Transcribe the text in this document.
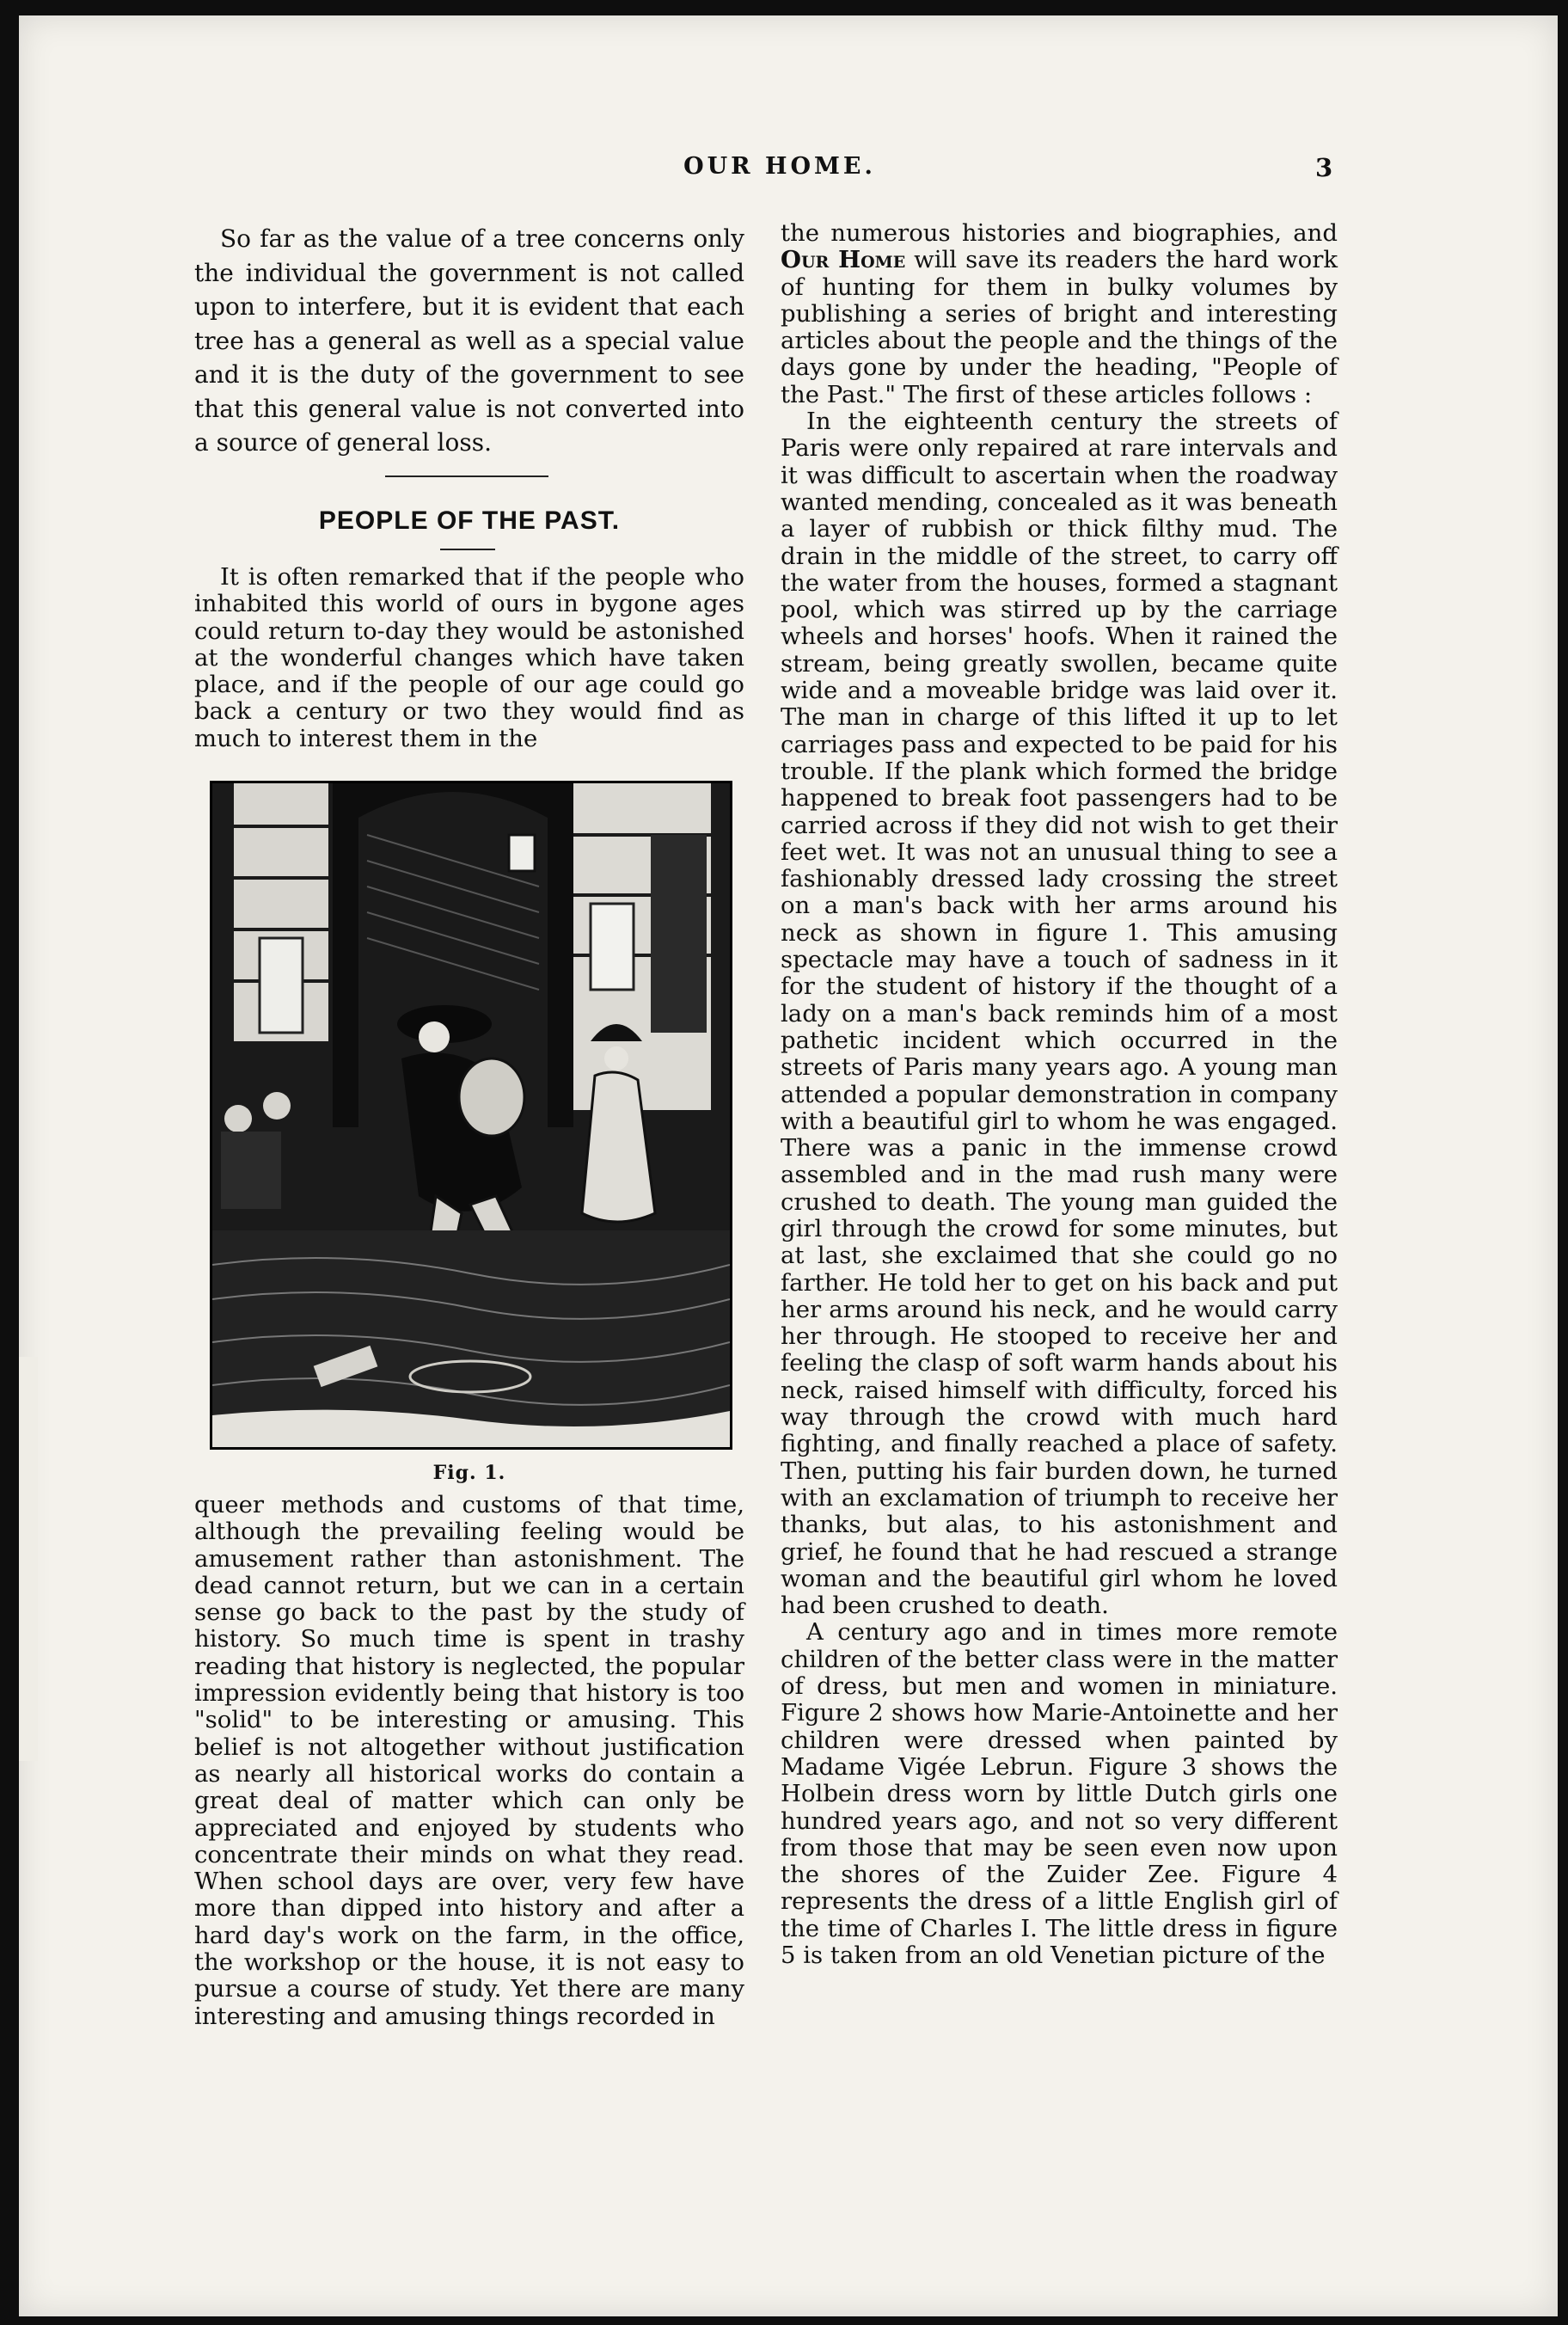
OUR HOME.	3

So far as the value of a tree concerns only the individual the government is not called upon to interfere, but it is evident that each tree has a general as well as a special value and it is the duty of the government to see that this general value is not converted into a source of general loss.

PEOPLE OF THE PAST.

It is often remarked that if the people who inhabited this world of ours in bygone ages could return to-day they would be astonished at the wonderful changes which have taken place, and if the people of our age could go back a century or two they would find as much to interest them in the

Fig. 1.

queer methods and customs of that time, although the prevailing feeling would be amusement rather than astonishment. The dead cannot return, but we can in a certain sense go back to the past by the study of history. So much time is spent in trashy reading that history is neglected, the popular impression evidently being that history is too "solid" to be interesting or amusing. This belief is not altogether without justification as nearly all historical works do contain a great deal of matter which can only be appreciated and enjoyed by students who concentrate their minds on what they read. When school days are over, very few have more than dipped into history and after a hard day's work on the farm, in the office, the workshop or the house, it is not easy to pursue a course of study. Yet there are many interesting and amusing things recorded in

the numerous histories and biographies, and Our Home will save its readers the hard work of hunting for them in bulky volumes by publishing a series of bright and interesting articles about the people and the things of the days gone by under the heading, "People of the Past." The first of these articles follows :

In the eighteenth century the streets of Paris were only repaired at rare intervals and it was difficult to ascertain when the roadway wanted mending, concealed as it was beneath a layer of rubbish or thick filthy mud. The drain in the middle of the street, to carry off the water from the houses, formed a stagnant pool, which was stirred up by the carriage wheels and horses' hoofs. When it rained the stream, being greatly swollen, became quite wide and a moveable bridge was laid over it. The man in charge of this lifted it up to let carriages pass and expected to be paid for his trouble. If the plank which formed the bridge happened to break foot passengers had to be carried across if they did not wish to get their feet wet. It was not an unusual thing to see a fashionably dressed lady crossing the street on a man's back with her arms around his neck as shown in figure 1. This amusing spectacle may have a touch of sadness in it for the student of history if the thought of a lady on a man's back reminds him of a most pathetic incident which occurred in the streets of Paris many years ago. A young man attended a popular demonstration in company with a beautiful girl to whom he was engaged. There was a panic in the immense crowd assembled and in the mad rush many were crushed to death. The young man guided the girl through the crowd for some minutes, but at last, she exclaimed that she could go no farther. He told her to get on his back and put her arms around his neck, and he would carry her through. He stooped to receive her and feeling the clasp of soft warm hands about his neck, raised himself with difficulty, forced his way through the crowd with much hard fighting, and finally reached a place of safety. Then, putting his fair burden down, he turned with an exclamation of triumph to receive her thanks, but alas, to his astonishment and grief, he found that he had rescued a strange woman and the beautiful girl whom he loved had been crushed to death.

A century ago and in times more remote children of the better class were in the matter of dress, but men and women in miniature. Figure 2 shows how Marie-Antoinette and her children were dressed when painted by Madame Vigée Lebrun. Figure 3 shows the Holbein dress worn by little Dutch girls one hundred years ago, and not so very different from those that may be seen even now upon the shores of the Zuider Zee. Figure 4 represents the dress of a little English girl of the time of Charles I. The little dress in figure 5 is taken from an old Venetian picture of the
